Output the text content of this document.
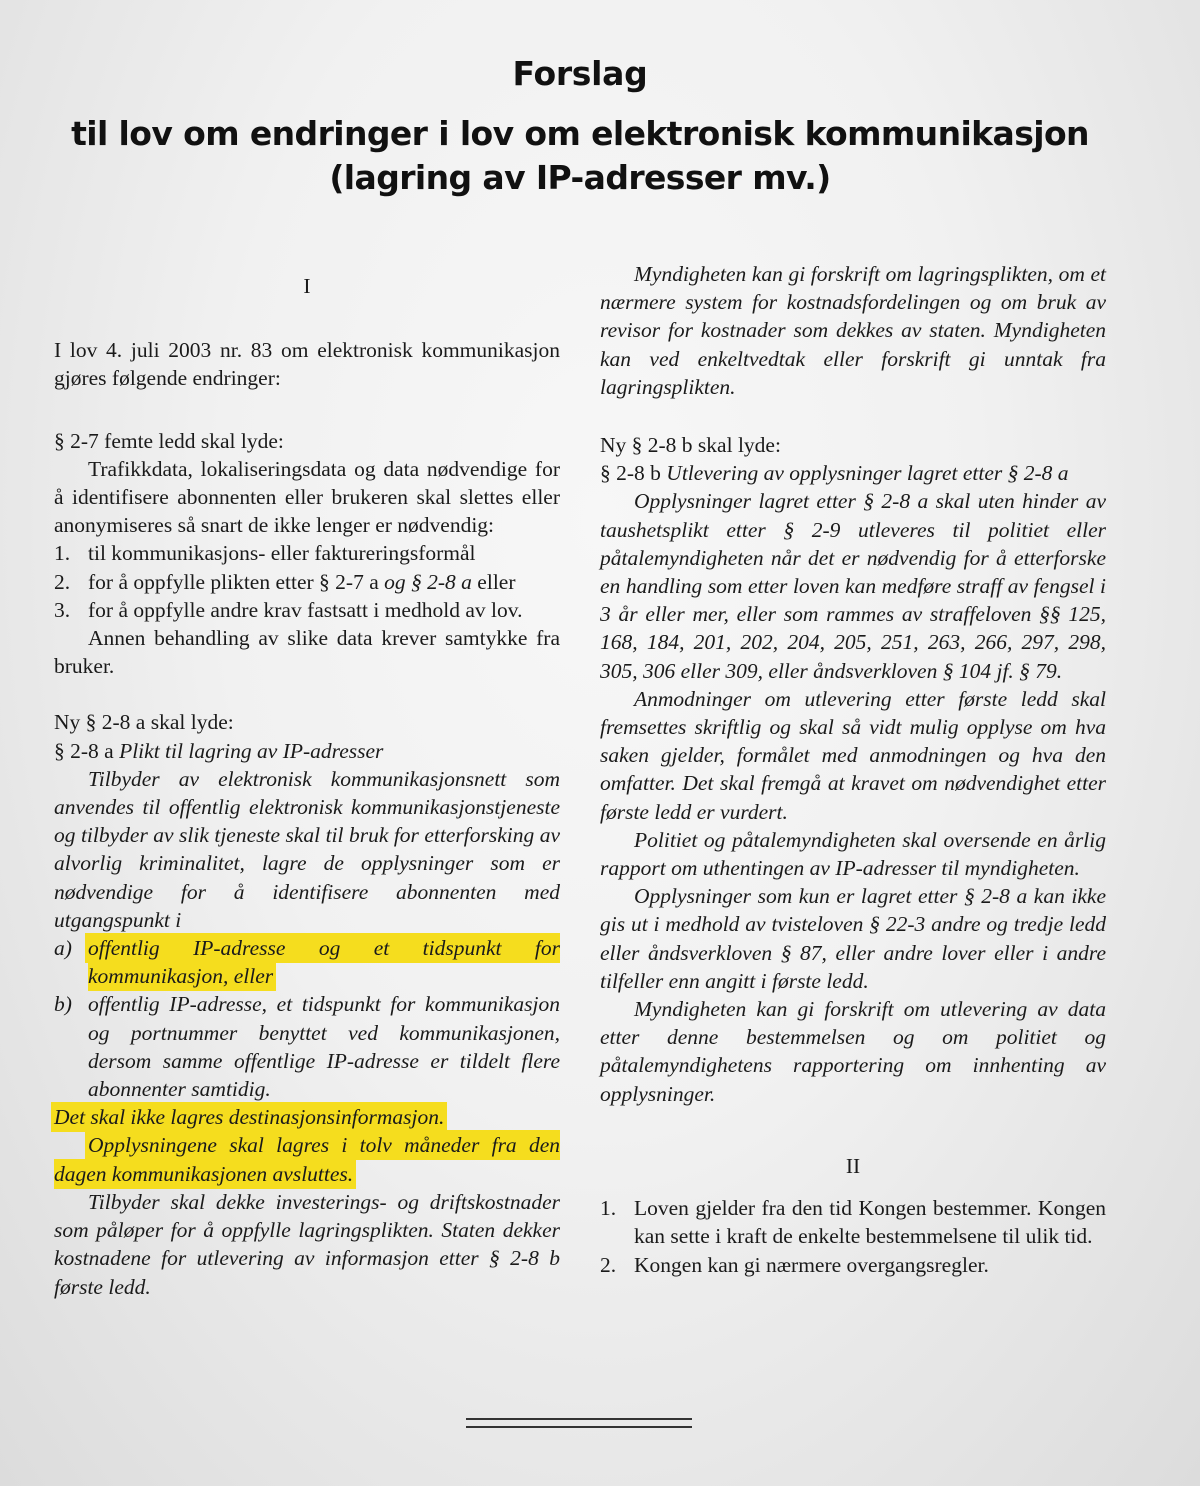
Forslag
til lov om endringer i lov om elektronisk kommunikasjon
(lagring av IP-adresser mv.)

I

I lov 4. juli 2003 nr. 83 om elektronisk kommunikasjon gjøres følgende endringer:

§ 2-7 femte ledd skal lyde:

Trafikkdata, lokaliseringsdata og data nødvendige for å identifisere abonnenten eller brukeren skal slettes eller anonymiseres så snart de ikke lenger er nødvendig:

1. til kommunikasjons- eller faktureringsformål
2. for å oppfylle plikten etter § 2-7 a og § 2-8 a eller
3. for å oppfylle andre krav fastsatt i medhold av lov.

Annen behandling av slike data krever samtykke fra bruker.

Ny § 2-8 a skal lyde:

§ 2-8 a Plikt til lagring av IP-adresser

Tilbyder av elektronisk kommunikasjonsnett som anvendes til offentlig elektronisk kommunikasjonstjeneste og tilbyder av slik tjeneste skal til bruk for etterforsking av alvorlig kriminalitet, lagre de opplysninger som er nødvendige for å identifisere abonnenten med utgangspunkt i

a) offentlig IP-adresse og et tidspunkt for kommunikasjon, eller
b) offentlig IP-adresse, et tidspunkt for kommunikasjon og portnummer benyttet ved kommunikasjonen, dersom samme offentlige IP-adresse er tildelt flere abonnenter samtidig.

Det skal ikke lagres destinasjonsinformasjon.

Opplysningene skal lagres i tolv måneder fra den dagen kommunikasjonen avsluttes.

Tilbyder skal dekke investerings- og driftskostnader som påløper for å oppfylle lagringsplikten. Staten dekker kostnadene for utlevering av informasjon etter § 2-8 b første ledd.

Myndigheten kan gi forskrift om lagringsplikten, om et nærmere system for kostnadsfordelingen og om bruk av revisor for kostnader som dekkes av staten. Myndigheten kan ved enkeltvedtak eller forskrift gi unntak fra lagringsplikten.

Ny § 2-8 b skal lyde:

§ 2-8 b Utlevering av opplysninger lagret etter § 2-8 a

Opplysninger lagret etter § 2-8 a skal uten hinder av taushetsplikt etter § 2-9 utleveres til politiet eller påtalemyndigheten når det er nødvendig for å etterforske en handling som etter loven kan medføre straff av fengsel i 3 år eller mer, eller som rammes av straffeloven §§ 125, 168, 184, 201, 202, 204, 205, 251, 263, 266, 297, 298, 305, 306 eller 309, eller åndsverkloven § 104 jf. § 79.

Anmodninger om utlevering etter første ledd skal fremsettes skriftlig og skal så vidt mulig opplyse om hva saken gjelder, formålet med anmodningen og hva den omfatter. Det skal fremgå at kravet om nødvendighet etter første ledd er vurdert.

Politiet og påtalemyndigheten skal oversende en årlig rapport om uthentingen av IP-adresser til myndigheten.

Opplysninger som kun er lagret etter § 2-8 a kan ikke gis ut i medhold av tvisteloven § 22-3 andre og tredje ledd eller åndsverkloven § 87, eller andre lover eller i andre tilfeller enn angitt i første ledd.

Myndigheten kan gi forskrift om utlevering av data etter denne bestemmelsen og om politiet og påtalemyndighetens rapportering om innhenting av opplysninger.

II

1. Loven gjelder fra den tid Kongen bestemmer. Kongen kan sette i kraft de enkelte bestemmelsene til ulik tid.
2. Kongen kan gi nærmere overgangsregler.
